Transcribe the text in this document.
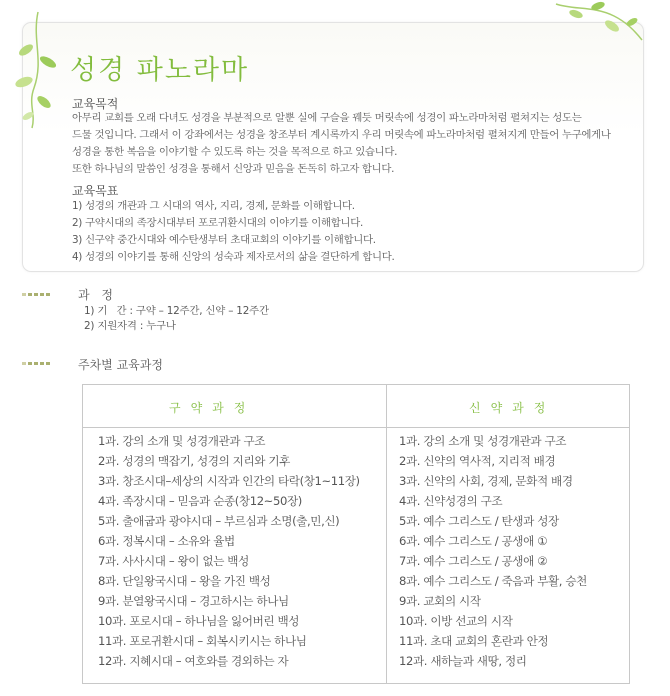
성경 파노라마
교육목적
아무리 교회를 오래 다녀도 성경을 부분적으로 알뿐 실에 구슬을 꿰듯 머릿속에 성경이 파노라마처럼 펼쳐지는 성도는
드물 것입니다. 그래서 이 강좌에서는 성경을 창조부터 계시록까지 우리 머릿속에 파노라마처럼 펼쳐지게 만들어 누구에게나
성경을 통한 복음을 이야기할 수 있도록 하는 것을 목적으로 하고 있습니다.
또한 하나님의 말씀인 성경을 통해서 신앙과 믿음을 돈독히 하고자 합니다.
교육목표
1) 성경의 개관과 그 시대의 역사, 지리, 경제, 문화를 이해합니다.
2) 구약시대의 족장시대부터 포로귀환시대의 이야기를 이해합니다.
3) 신구약 중간시대와 예수탄생부터 초대교회의 이야기를 이해합니다.
4) 성경의 이야기를 통해 신앙의 성숙과 제자로서의 삶을 결단하게 합니다.
과 정
1) 기   간 : 구약 – 12주간, 신약 – 12주간
2) 지원자격 : 누구나
주차별 교육과정
구약과정	신약과정
1과. 강의 소개 및 성경개관과 구조
2과. 성경의 맥잡기, 성경의 지리와 기후
3과. 창조시대–세상의 시작과 인간의 타락(창1~11장)
4과. 족장시대 – 믿음과 순종(창12~50장)
5과. 출애굽과 광야시대 – 부르심과 소명(출,민,신)
6과. 정복시대 – 소유와 율법
7과. 사사시대 – 왕이 없는 백성
8과. 단일왕국시대 – 왕을 가진 백성
9과. 분열왕국시대 – 경고하시는 하나님
10과. 포로시대 – 하나님을 잃어버린 백성
11과. 포로귀환시대 – 회복시키시는 하나님
12과. 지혜시대 – 여호와를 경외하는 자
1과. 강의 소개 및 성경개관과 구조
2과. 신약의 역사적, 지리적 배경
3과. 신약의 사회, 경제, 문화적 배경
4과. 신약성경의 구조
5과. 예수 그리스도 / 탄생과 성장
6과. 예수 그리스도 / 공생애 ①
7과. 예수 그리스도 / 공생애 ②
8과. 예수 그리스도 / 죽음과 부활, 승천
9과. 교회의 시작
10과. 이방 선교의 시작
11과. 초대 교회의 혼란과 안정
12과. 새하늘과 새땅, 정리
